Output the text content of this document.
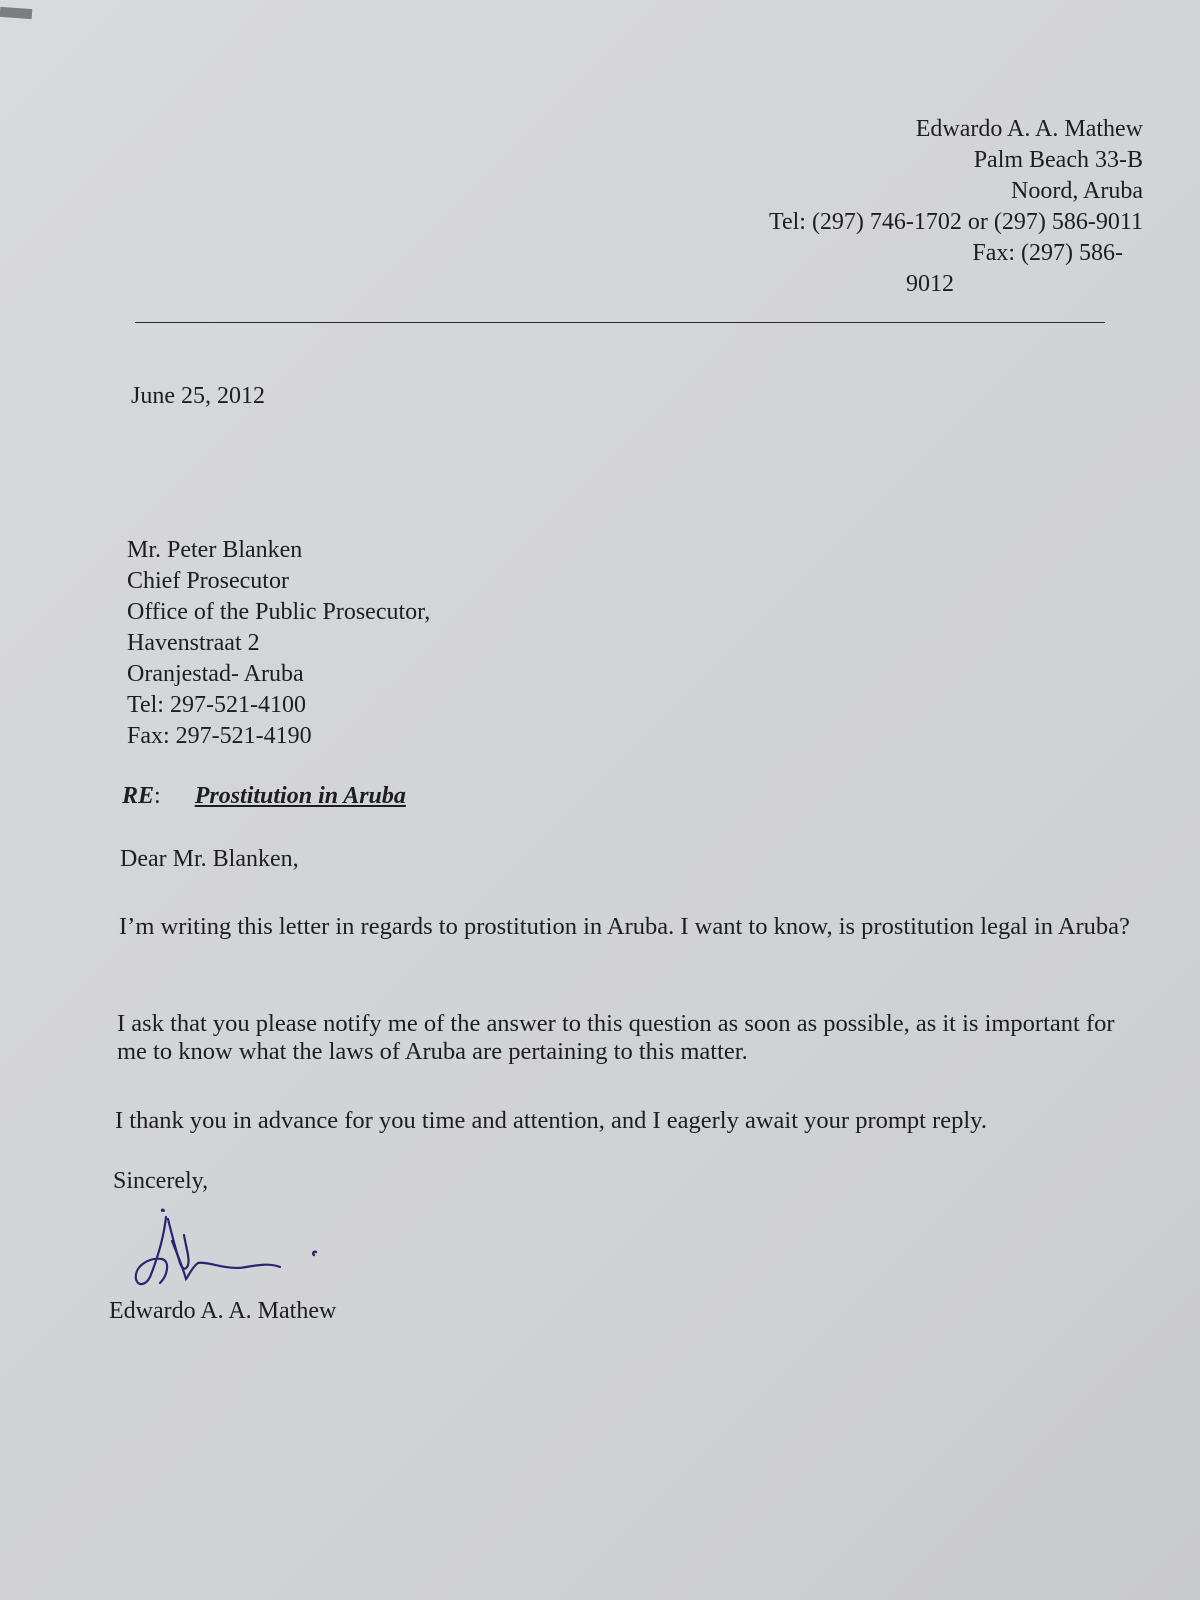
Edwardo A. A. Mathew
Palm Beach 33-B
Noord, Aruba
Tel: (297) 746-1702 or (297) 586-9011
Fax: (297) 586-
9012
June 25, 2012
Mr. Peter Blanken
Chief Prosecutor
Office of the Public Prosecutor,
Havenstraat 2
Oranjestad- Aruba
Tel: 297-521-4100
Fax: 297-521-4190
RE: Prostitution in Aruba
Dear Mr. Blanken,
I’m writing this letter in regards to prostitution in Aruba. I want to know, is prostitution legal in Aruba?
I ask that you please notify me of the answer to this question as soon as possible, as it is important for me to know what the laws of Aruba are pertaining to this matter.
I thank you in advance for you time and attention, and I eagerly await your prompt reply.
Sincerely,
Edwardo A. A. Mathew
